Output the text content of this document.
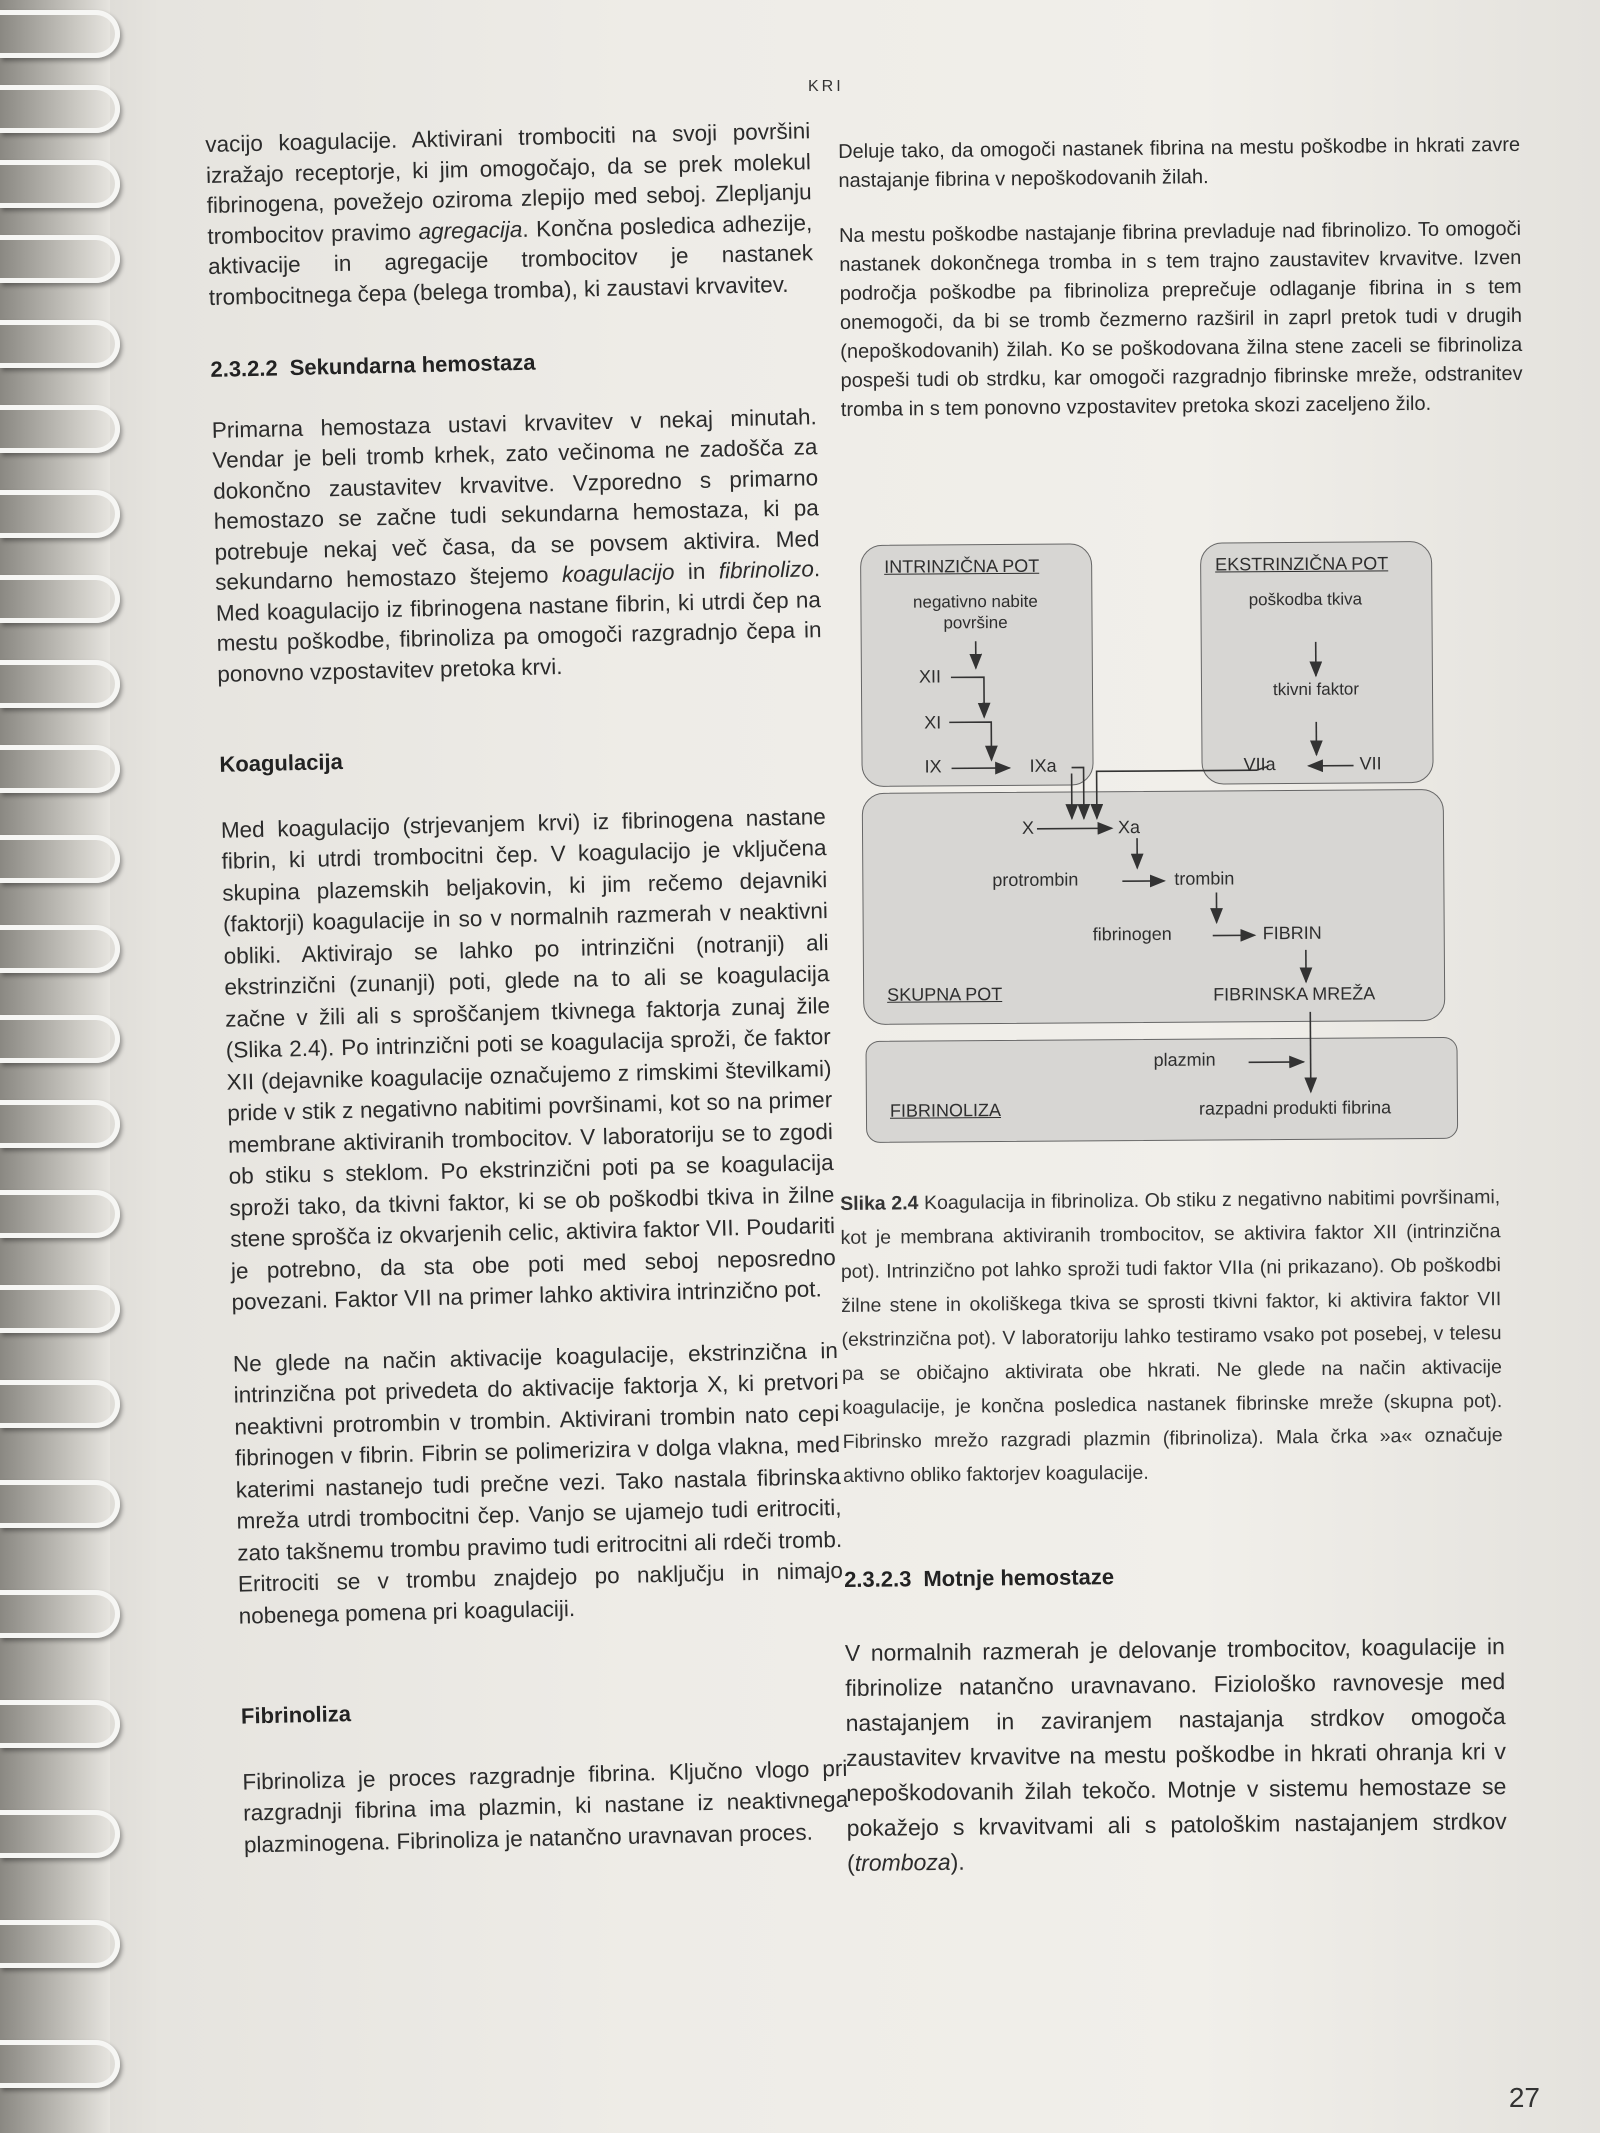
KRI

vacijo koagulacije. Aktivirani trombociti na svoji površini izražajo receptorje, ki jim omogočajo, da se prek molekul fibrinogena, povežejo oziroma zlepijo med seboj. Zlepljanju trombocitov pravimo agregacija. Končna posledica adhezije, aktivacije in agregacije trombocitov je nastanek trombocitnega čepa (belega tromba), ki zaustavi krvavitev.

2.3.2.2 Sekundarna hemostaza

Primarna hemostaza ustavi krvavitev v nekaj minutah. Vendar je beli tromb krhek, zato večinoma ne zadošča za dokončno zaustavitev krvavitve. Vzporedno s primarno hemostazo se začne tudi sekundarna hemostaza, ki pa potrebuje nekaj več časa, da se povsem aktivira. Med sekundarno hemostazo štejemo koagulacijo in fibrinolizo. Med koagulacijo iz fibrinogena nastane fibrin, ki utrdi čep na mestu poškodbe, fibrinoliza pa omogoči razgradnjo čepa in ponovno vzpostavitev pretoka krvi.

Koagulacija

Med koagulacijo (strjevanjem krvi) iz fibrinogena nastane fibrin, ki utrdi trombocitni čep. V koagulacijo je vključena skupina plazemskih beljakovin, ki jim rečemo dejavniki (faktorji) koagulacije in so v normalnih razmerah v neaktivni obliki. Aktivirajo se lahko po intrinzični (notranji) ali ekstrinzični (zunanji) poti, glede na to ali se koagulacija začne v žili ali s sproščanjem tkivnega faktorja zunaj žile (Slika 2.4). Po intrinzični poti se koagulacija sproži, če faktor XII (dejavnike koagulacije označujemo z rimskimi številkami) pride v stik z negativno nabitimi površinami, kot so na primer membrane aktiviranih trombocitov. V laboratoriju se to zgodi ob stiku s steklom. Po ekstrinzični poti pa se koagulacija sproži tako, da tkivni faktor, ki se ob poškodbi tkiva in žilne stene sprošča iz okvarjenih celic, aktivira faktor VII. Poudariti je potrebno, da sta obe poti med seboj neposredno povezani. Faktor VII na primer lahko aktivira intrinzično pot.

Ne glede na način aktivacije koagulacije, ekstrinzična in intrinzična pot privedeta do aktivacije faktorja X, ki pretvori neaktivni protrombin v trombin. Aktivirani trombin nato cepi fibrinogen v fibrin. Fibrin se polimerizira v dolga vlakna, med katerimi nastanejo tudi prečne vezi. Tako nastala fibrinska mreža utrdi trombocitni čep. Vanjo se ujamejo tudi eritrociti, zato takšnemu trombu pravimo tudi eritrocitni ali rdeči tromb. Eritrociti se v trombu znajdejo po naključju in nimajo nobenega pomena pri koagulaciji.

Fibrinoliza

Fibrinoliza je proces razgradnje fibrina. Ključno vlogo pri razgradnji fibrina ima plazmin, ki nastane iz neaktivnega plazminogena. Fibrinoliza je natančno uravnavan proces.

Deluje tako, da omogoči nastanek fibrina na mestu poškodbe in hkrati zavre nastajanje fibrina v nepoškodovanih žilah.

Na mestu poškodbe nastajanje fibrina prevladuje nad fibrinolizo. To omogoči nastanek dokončnega tromba in s tem trajno zaustavitev krvavitve. Izven področja poškodbe pa fibrinoliza preprečuje odlaganje fibrina in s tem onemogoči, da bi se tromb čezmerno razširil in zaprl pretok tudi v drugih (nepoškodovanih) žilah. Ko se poškodovana žilna stene zaceli se fibrinoliza pospeši tudi ob strdku, kar omogoči razgradnjo fibrinske mreže, odstranitev tromba in s tem ponovno vzpostavitev pretoka skozi zaceljeno žilo.

INTRINZIČNA POT
negativno nabite površine
XII
XI
IX	IXa
EKSTRINZIČNA POT
poškodba tkiva
tkivni faktor
VIIa	VII
X	Xa
protrombin	trombin
fibrinogen	FIBRIN
SKUPNA POT	FIBRINSKA MREŽA
plazmin
FIBRINOLIZA	razpadni produkti fibrina

Slika 2.4 Koagulacija in fibrinoliza. Ob stiku z negativno nabitimi površinami, kot je membrana aktiviranih trombocitov, se aktivira faktor XII (intrinzična pot). Intrinzično pot lahko sproži tudi faktor VIIa (ni prikazano). Ob poškodbi žilne stene in okoliškega tkiva se sprosti tkivni faktor, ki aktivira faktor VII (ekstrinzična pot). V laboratoriju lahko testiramo vsako pot posebej, v telesu pa se običajno aktivirata obe hkrati. Ne glede na način aktivacije koagulacije, je končna posledica nastanek fibrinske mreže (skupna pot). Fibrinsko mrežo razgradi plazmin (fibrinoliza). Mala črka »a« označuje aktivno obliko faktorjev koagulacije.

2.3.2.3 Motnje hemostaze

V normalnih razmerah je delovanje trombocitov, koagulacije in fibrinolize natančno uravnavano. Fiziološko ravnovesje med nastajanjem in zaviranjem nastajanja strdkov omogoča zaustavitev krvavitve na mestu poškodbe in hkrati ohranja kri v nepoškodovanih žilah tekočo. Motnje v sistemu hemostaze se pokažejo s krvavitvami ali s patološkim nastajanjem strdkov (tromboza).

27
